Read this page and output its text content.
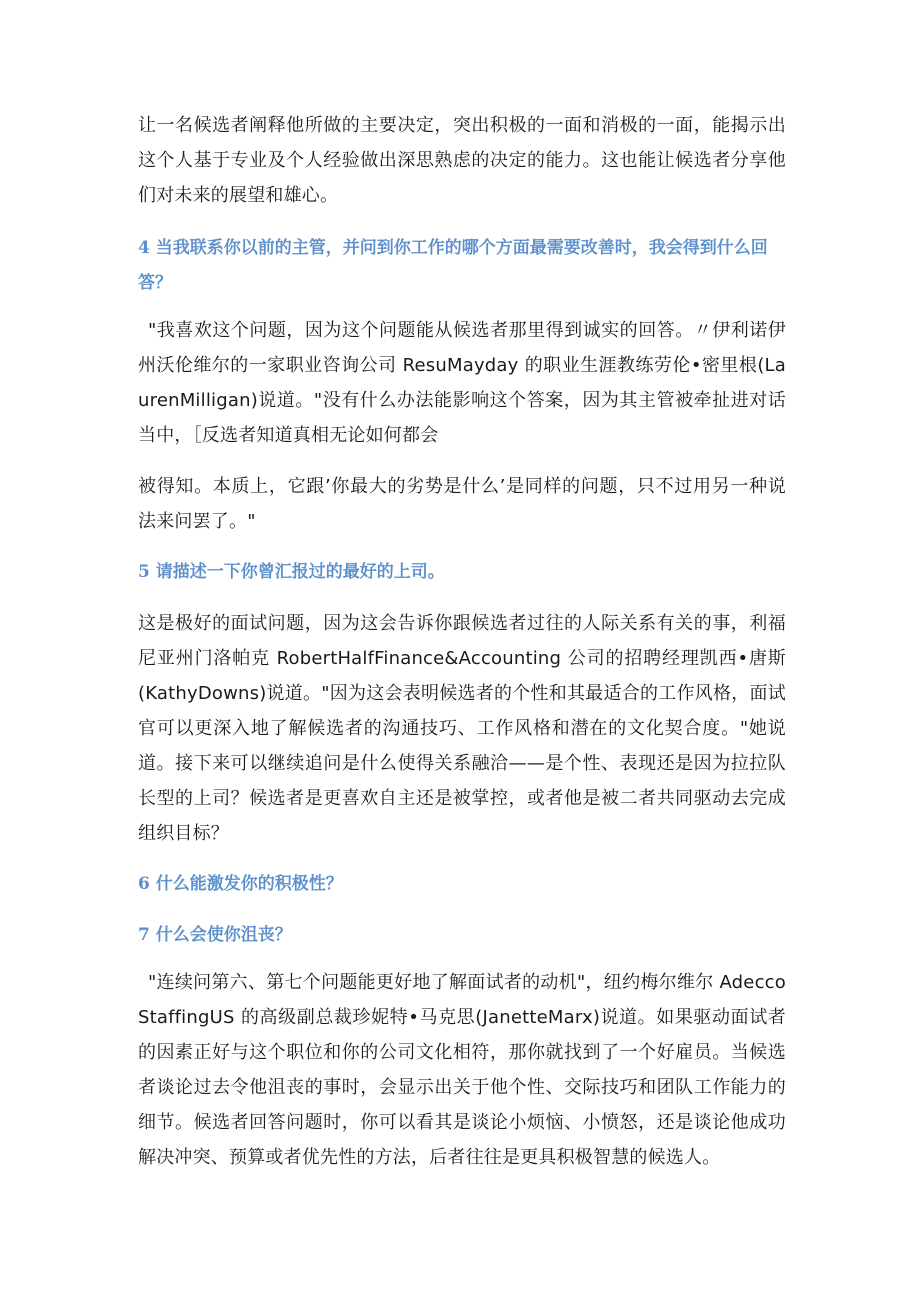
让一名候选者阐释他所做的主要决定，突出积极的一面和消极的一面，能揭示出这个人基于专业及个人经验做出深思熟虑的决定的能力。这也能让候选者分享他们对未来的展望和雄心。

4 当我联系你以前的主管，并问到你工作的哪个方面最需要改善时，我会得到什么回答？

"我喜欢这个问题，因为这个问题能从候选者那里得到诚实的回答。〃伊利诺伊州沃伦维尔的一家职业咨询公司 ResuMayday 的职业生涯教练劳伦•密里根(LaurenMilligan)说道。"没有什么办法能影响这个答案，因为其主管被牵扯进对话当中，［反选者知道真相无论如何都会

被得知。本质上，它跟’你最大的劣势是什么’是同样的问题，只不过用另一种说法来问罢了。"

5 请描述一下你曾汇报过的最好的上司。

这是极好的面试问题，因为这会告诉你跟候选者过往的人际关系有关的事，利福尼亚州门洛帕克 RobertHalfFinance&Accounting 公司的招聘经理凯西•唐斯(KathyDowns)说道。"因为这会表明候选者的个性和其最适合的工作风格，面试官可以更深入地了解候选者的沟通技巧、工作风格和潜在的文化契合度。"她说道。接下来可以继续追问是什么使得关系融洽——是个性、表现还是因为拉拉队长型的上司？候选者是更喜欢自主还是被掌控，或者他是被二者共同驱动去完成组织目标？

6 什么能激发你的积极性？

7 什么会使你沮丧？

"连续问第六、第七个问题能更好地了解面试者的动机"，纽约梅尔维尔 AdeccoStaffingUS 的高级副总裁珍妮特•马克思(JanetteMarx)说道。如果驱动面试者的因素正好与这个职位和你的公司文化相符，那你就找到了一个好雇员。当候选者谈论过去令他沮丧的事时，会显示出关于他个性、交际技巧和团队工作能力的细节。候选者回答问题时，你可以看其是谈论小烦恼、小愤怒，还是谈论他成功解决冲突、预算或者优先性的方法，后者往往是更具积极智慧的候选人。
